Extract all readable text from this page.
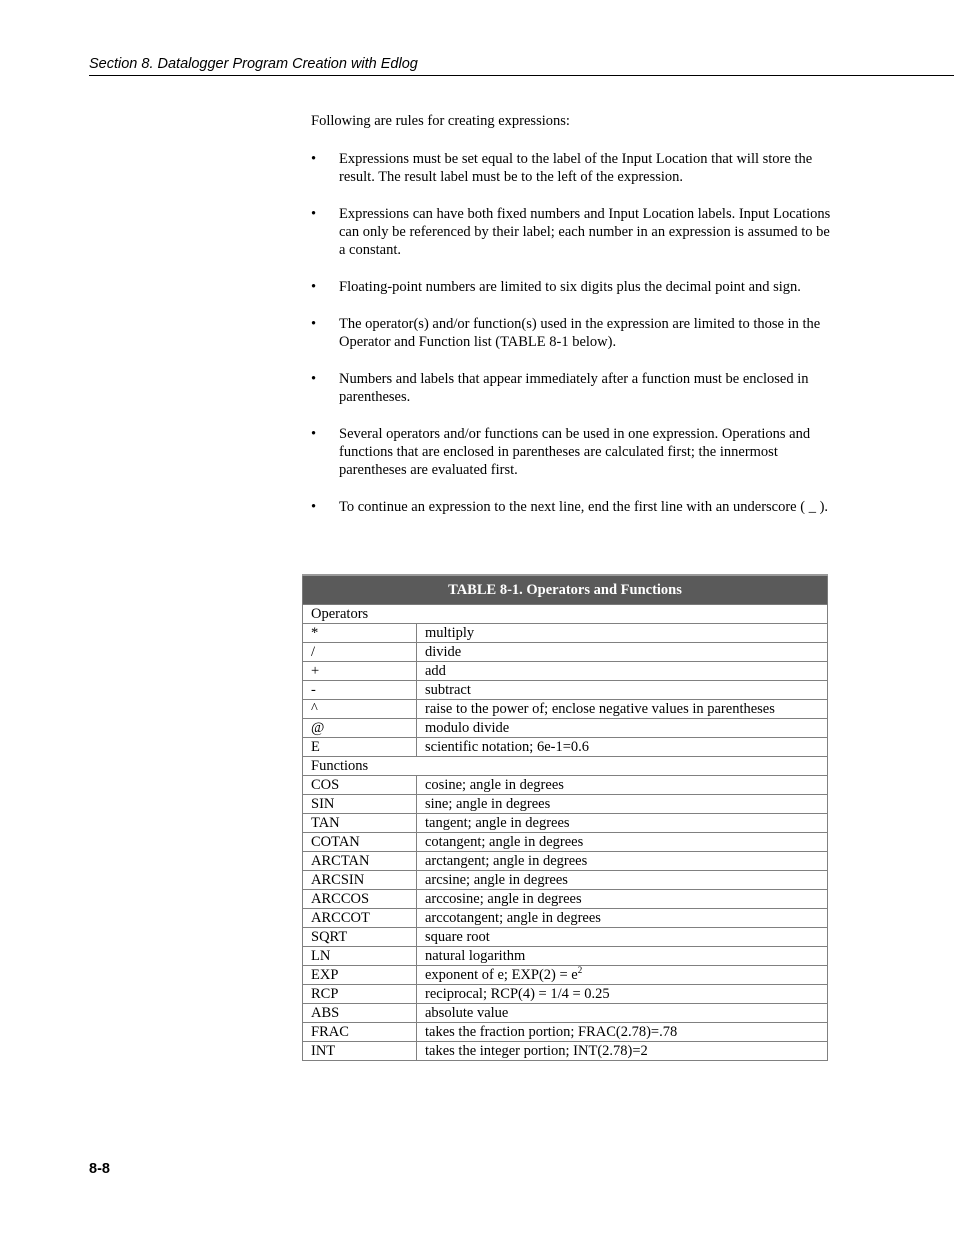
Section 8. Datalogger Program Creation with Edlog

Following are rules for creating expressions:

•	Expressions must be set equal to the label of the Input Location that will store the result. The result label must be to the left of the expression.
•	Expressions can have both fixed numbers and Input Location labels. Input Locations can only be referenced by their label; each number in an expression is assumed to be a constant.
•	Floating-point numbers are limited to six digits plus the decimal point and sign.
•	The operator(s) and/or function(s) used in the expression are limited to those in the Operator and Function list (TABLE 8-1 below).
•	Numbers and labels that appear immediately after a function must be enclosed in parentheses.
•	Several operators and/or functions can be used in one expression. Operations and functions that are enclosed in parentheses are calculated first; the innermost parentheses are evaluated first.
•	To continue an expression to the next line, end the first line with an underscore ( _ ).
TABLE 8-1. Operators and Functions	
Operators	
*	multiply
/	divide
+	add
-	subtract
^	raise to the power of; enclose negative values in parentheses
@	modulo divide
E	scientific notation; 6e-1=0.6
Functions	
COS	cosine; angle in degrees
SIN	sine; angle in degrees
TAN	tangent; angle in degrees
COTAN	cotangent; angle in degrees
ARCTAN	arctangent; angle in degrees
ARCSIN	arcsine; angle in degrees
ARCCOS	arccosine; angle in degrees
ARCCOT	arccotangent; angle in degrees
SQRT	square root
LN	natural logarithm
EXP	exponent of e; $EXP(2) = e^2$
RCP	reciprocal; RCP(4) = 1/4 = 0.25
ABS	absolute value
FRAC	takes the fraction portion; FRAC(2.78)=.78
INT	takes the integer portion; INT(2.78)=2
8-8
